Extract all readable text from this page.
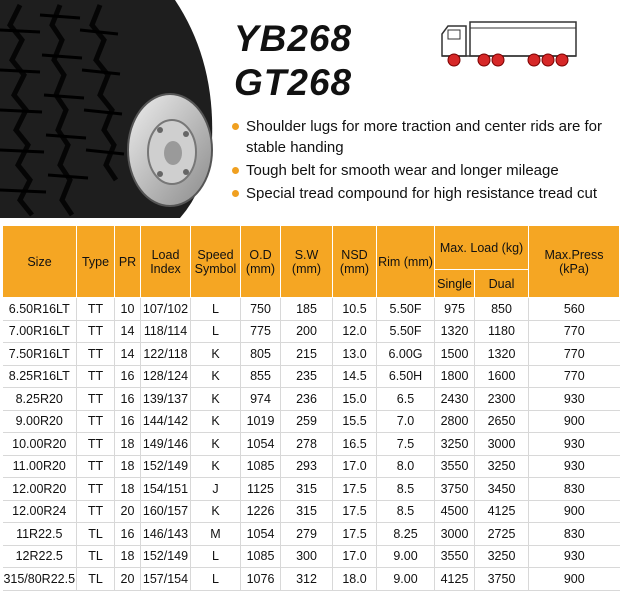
YB268
GT268
Shoulder lugs for more traction and center rids are for stable handing
Tough belt for smooth wear and longer mileage
Special tread compound for high resistance tread cut
Size	Type	PR	Load Index	Speed Symbol	O.D (mm)	S.W (mm)	NSD (mm)	Rim (mm)	Max. Load (kg)		Max.Press (kPa)
									Single	Dual	
6.50R16LT	TT	10	107/102	L	750	185	10.5	5.50F	975	850	560
7.00R16LT	TT	14	118/114	L	775	200	12.0	5.50F	1320	1180	770
7.50R16LT	TT	14	122/118	K	805	215	13.0	6.00G	1500	1320	770
8.25R16LT	TT	16	128/124	K	855	235	14.5	6.50H	1800	1600	770
8.25R20	TT	16	139/137	K	974	236	15.0	6.5	2430	2300	930
9.00R20	TT	16	144/142	K	1019	259	15.5	7.0	2800	2650	900
10.00R20	TT	18	149/146	K	1054	278	16.5	7.5	3250	3000	930
11.00R20	TT	18	152/149	K	1085	293	17.0	8.0	3550	3250	930
12.00R20	TT	18	154/151	J	1125	315	17.5	8.5	3750	3450	830
12.00R24	TT	20	160/157	K	1226	315	17.5	8.5	4500	4125	900
11R22.5	TL	16	146/143	M	1054	279	17.5	8.25	3000	2725	830
12R22.5	TL	18	152/149	L	1085	300	17.0	9.00	3550	3250	930
315/80R22.5	TL	20	157/154	L	1076	312	18.0	9.00	4125	3750	900
